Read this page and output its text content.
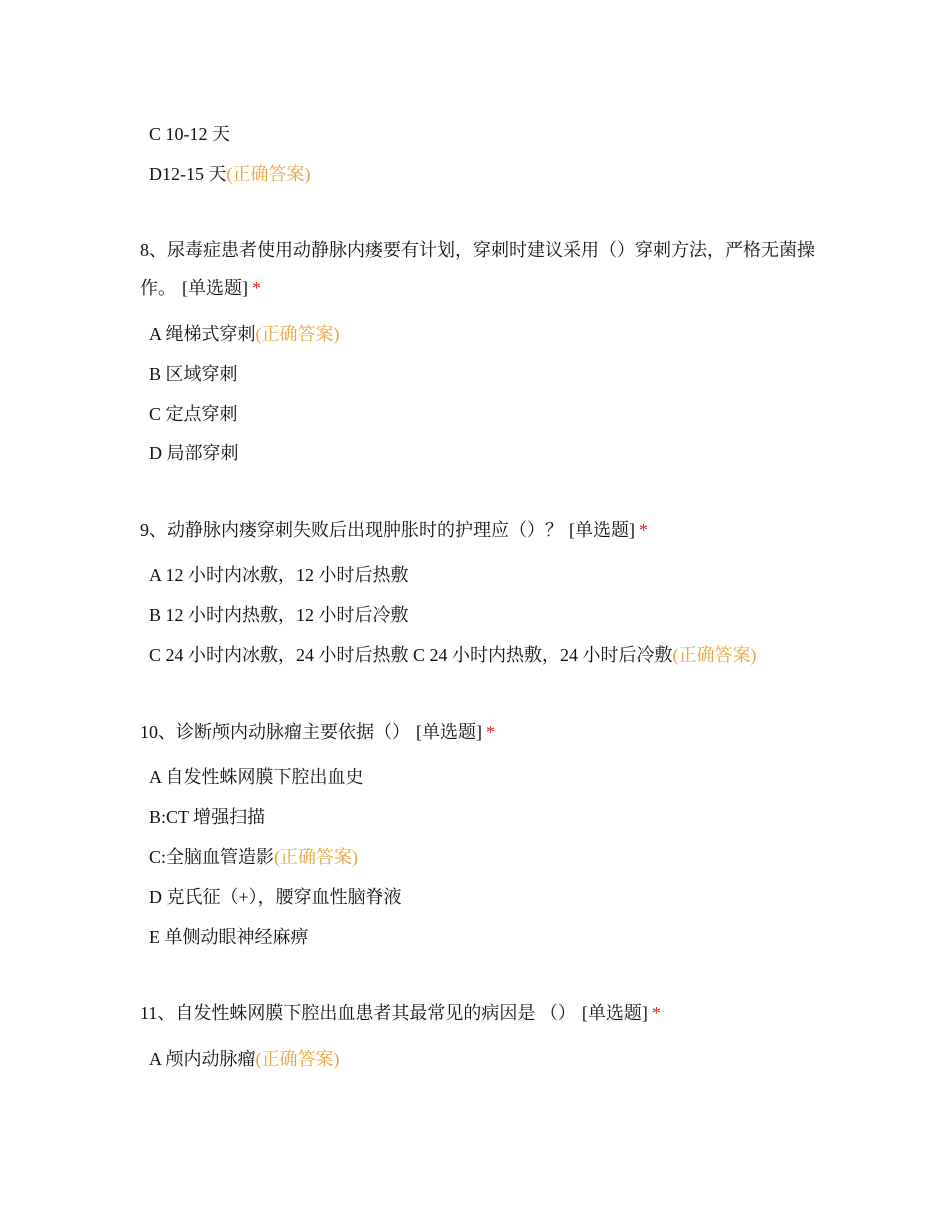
C 10-12 天
D12-15 天(正确答案)
8、尿毒症患者使用动静脉内瘘要有计划，穿刺时建议采用（）穿刺方法，严格无菌操作。 [单选题] *
A 绳梯式穿刺(正确答案)
B 区域穿刺
C 定点穿刺
D 局部穿刺
9、动静脉内瘘穿刺失败后出现肿胀时的护理应（）？ [单选题] *
A 12 小时内冰敷，12 小时后热敷
B 12 小时内热敷，12 小时后冷敷
C 24 小时内冰敷，24 小时后热敷 C 24 小时内热敷，24 小时后冷敷(正确答案)
10、诊断颅内动脉瘤主要依据（） [单选题] *
A 自发性蛛网膜下腔出血史
B:CT 增强扫描
C:全脑血管造影(正确答案)
D 克氏征（+），腰穿血性脑脊液
E 单侧动眼神经麻痹
11、自发性蛛网膜下腔出血患者其最常见的病因是 （） [单选题] *
A 颅内动脉瘤(正确答案)
